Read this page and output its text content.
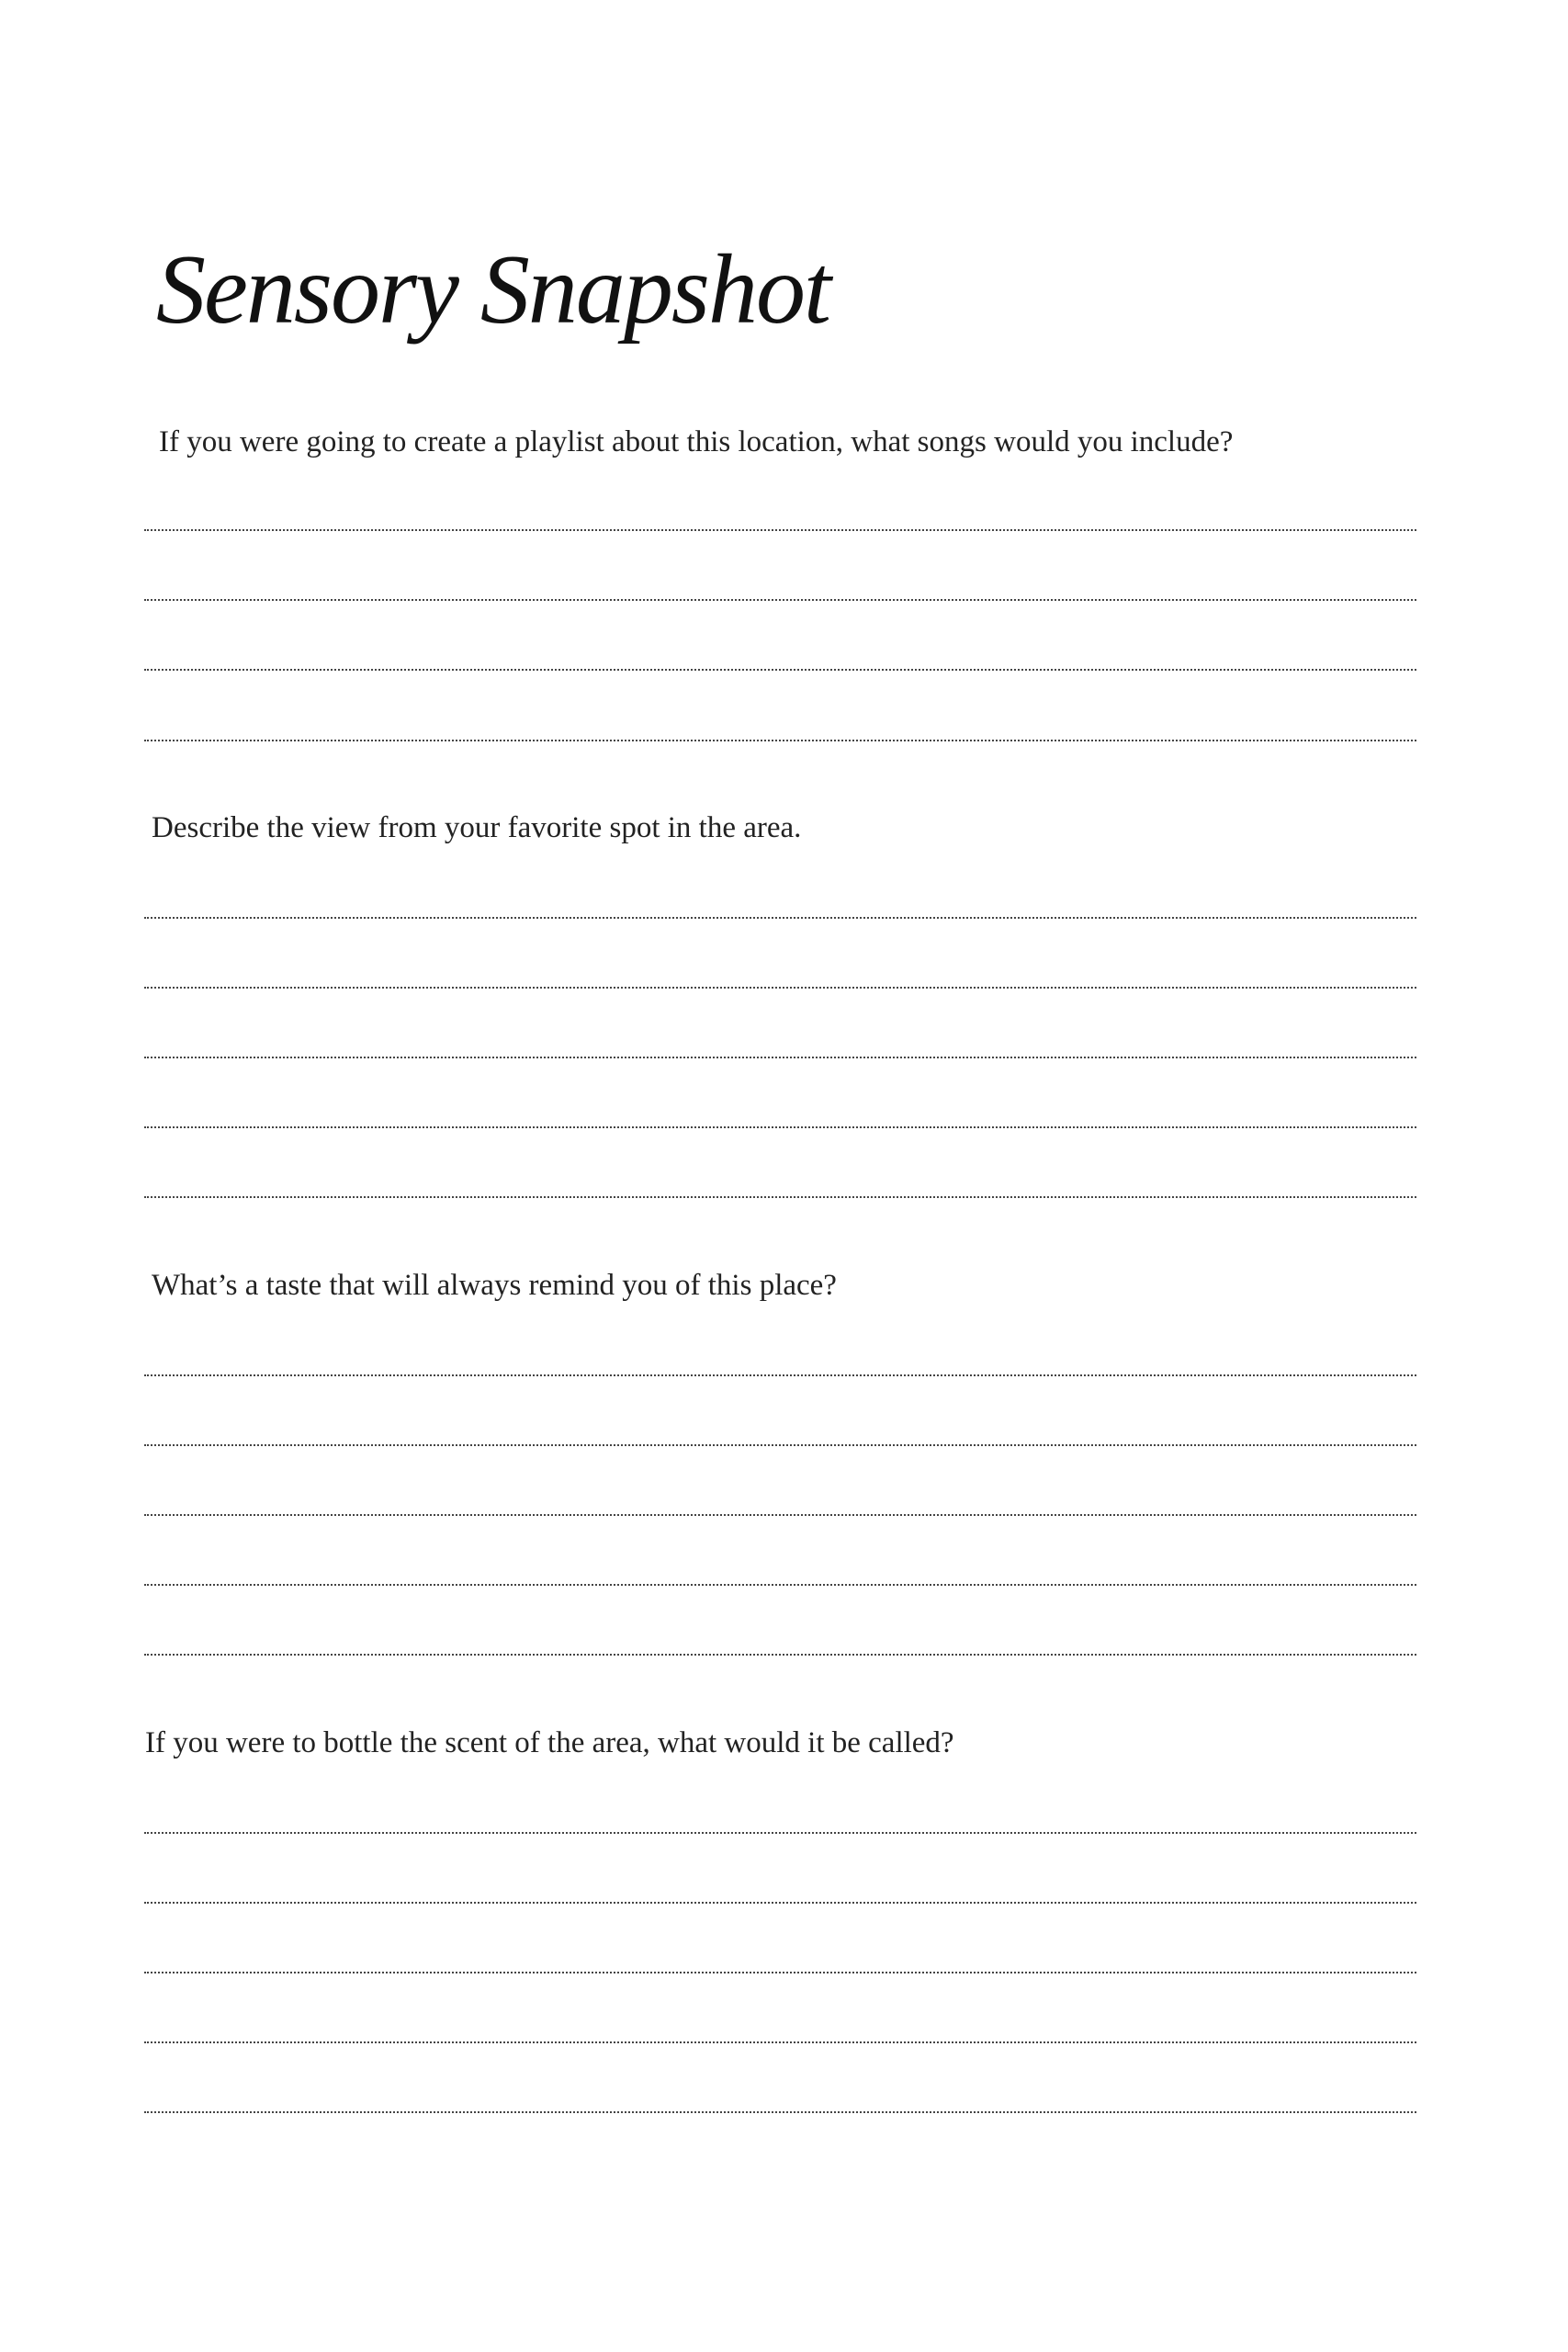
Sensory Snapshot

If you were going to create a playlist about this location, what songs would you include?

Describe the view from your favorite spot in the area.

What’s a taste that will always remind you of this place?

If you were to bottle the scent of the area, what would it be called?
